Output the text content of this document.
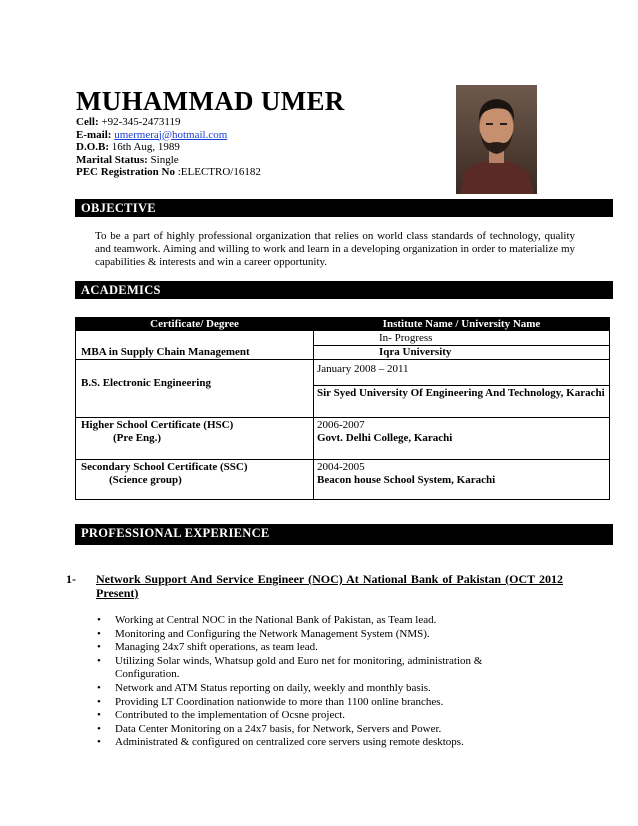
MUHAMMAD UMER
Cell: +92-345-2473119
E-mail: umermeraj@hotmail.com
D.O.B: 16th Aug, 1989
Marital Status: Single
PEC Registration No :ELECTRO/16182
OBJECTIVE
To be a part of highly professional organization that relies on world class standards of technology, quality and teamwork. Aiming and willing to work and learn in a developing organization in order to materialize my capabilities & interests and win a career opportunity.
ACADEMICS
Certificate/ Degree	Institute Name / University Name
MBA in Supply Chain Management
In- Progress
Iqra University
B.S. Electronic Engineering
January 2008 – 2011
Sir Syed University Of Engineering And Technology, Karachi
Higher School Certificate (HSC)
(Pre Eng.)
2006-2007
Govt. Delhi College, Karachi
Secondary School Certificate (SSC)
(Science group)
2004-2005
Beacon house School System, Karachi
PROFESSIONAL EXPERIENCE
1- Network Support And Service Engineer (NOC) At National Bank of Pakistan (OCT 2012 Present)
• Working at Central NOC in the National Bank of Pakistan, as Team lead.
• Monitoring and Configuring the Network Management System (NMS).
• Managing 24x7 shift operations, as team lead.
• Utilizing Solar winds, Whatsup gold and Euro net for monitoring, administration & Configuration.
• Network and ATM Status reporting on daily, weekly and monthly basis.
• Providing LT Coordination nationwide to more than 1100 online branches.
• Contributed to the implementation of Ocsne project.
• Data Center Monitoring on a 24x7 basis, for Network, Servers and Power.
• Administrated & configured on centralized core servers using remote desktops.
